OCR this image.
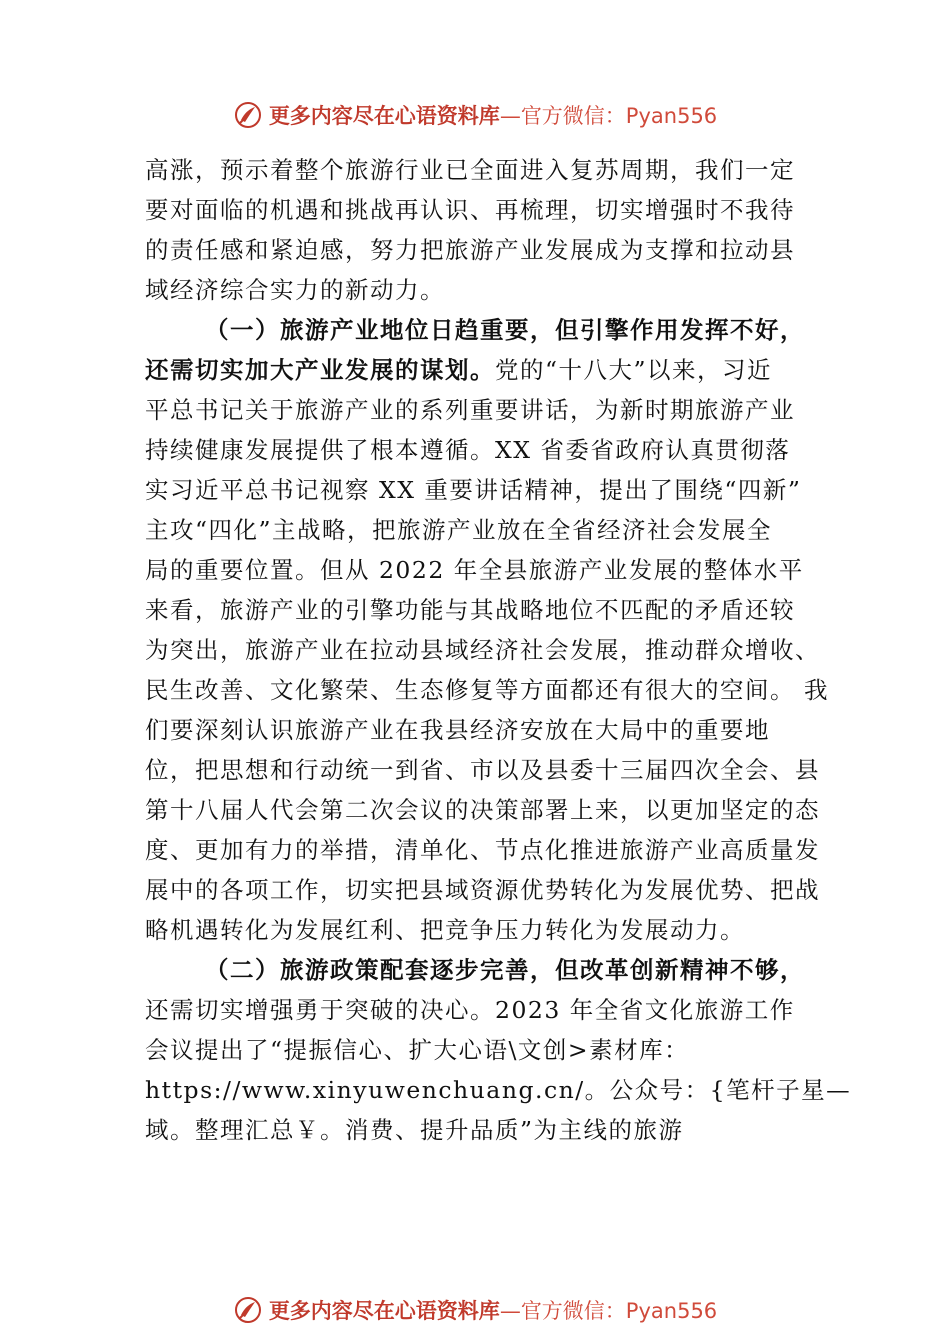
更多内容尽在心语资料库—官方微信：Pyan556
高涨，预示着整个旅游行业已全面进入复苏周期，我们一定
要对面临的机遇和挑战再认识、再梳理，切实增强时不我待
的责任感和紧迫感，努力把旅游产业发展成为支撑和拉动县
域经济综合实力的新动力。
（一）旅游产业地位日趋重要，但引擎作用发挥不好，
还需切实加大产业发展的谋划。党的“十八大”以来，习近
平总书记关于旅游产业的系列重要讲话，为新时期旅游产业
持续健康发展提供了根本遵循。XX 省委省政府认真贯彻落
实习近平总书记视察 XX 重要讲话精神，提出了围绕“四新”
主攻“四化”主战略，把旅游产业放在全省经济社会发展全
局的重要位置。但从 2022 年全县旅游产业发展的整体水平
来看，旅游产业的引擎功能与其战略地位不匹配的矛盾还较
为突出，旅游产业在拉动县域经济社会发展，推动群众增收、
民生改善、文化繁荣、生态修复等方面都还有很大的空间。 我
们要深刻认识旅游产业在我县经济安放在大局中的重要地
位，把思想和行动统一到省、市以及县委十三届四次全会、县
第十八届人代会第二次会议的决策部署上来，以更加坚定的态
度、更加有力的举措，清单化、节点化推进旅游产业高质量发
展中的各项工作，切实把县域资源优势转化为发展优势、把战
略机遇转化为发展红利、把竞争压力转化为发展动力。
（二）旅游政策配套逐步完善，但改革创新精神不够，
还需切实增强勇于突破的决心。2023 年全省文化旅游工作
会议提出了“提振信心、扩大心语\文创>素材库：
https://www.xinyuwenchuang.cn/。公众号：{笔杆子星—
域。整理汇总￥。消费、提升品质”为主线的旅游
更多内容尽在心语资料库—官方微信：Pyan556
